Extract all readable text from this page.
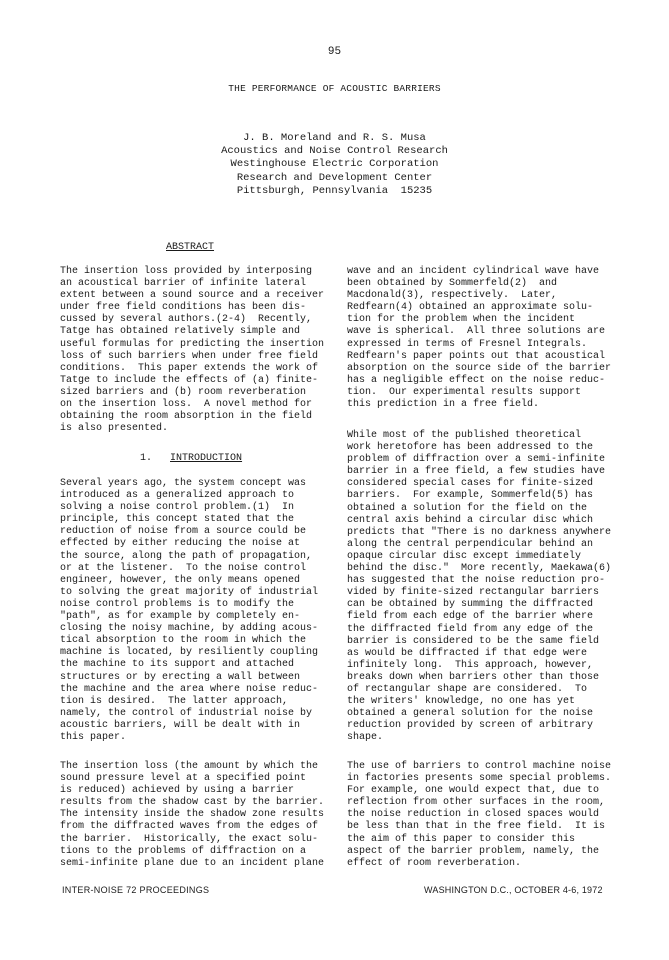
95
THE PERFORMANCE OF ACOUSTIC BARRIERS
J. B. Moreland and R. S. Musa
Acoustics and Noise Control Research
Westinghouse Electric Corporation
Research and Development Center
Pittsburgh, Pennsylvania  15235
ABSTRACT
The insertion loss provided by interposing
an acoustical barrier of infinite lateral
extent between a sound source and a receiver
under free field conditions has been dis-
cussed by several authors.(2-4)  Recently,
Tatge has obtained relatively simple and
useful formulas for predicting the insertion
loss of such barriers when under free field
conditions.  This paper extends the work of
Tatge to include the effects of (a) finite-
sized barriers and (b) room reverberation
on the insertion loss.  A novel method for
obtaining the room absorption in the field
is also presented.
1. INTRODUCTION
Several years ago, the system concept was
introduced as a generalized approach to
solving a noise control problem.(1)  In
principle, this concept stated that the
reduction of noise from a source could be
effected by either reducing the noise at
the source, along the path of propagation,
or at the listener.  To the noise control
engineer, however, the only means opened
to solving the great majority of industrial
noise control problems is to modify the
"path", as for example by completely en-
closing the noisy machine, by adding acous-
tical absorption to the room in which the
machine is located, by resiliently coupling
the machine to its support and attached
structures or by erecting a wall between
the machine and the area where noise reduc-
tion is desired.  The latter approach,
namely, the control of industrial noise by
acoustic barriers, will be dealt with in
this paper.
The insertion loss (the amount by which the
sound pressure level at a specified point
is reduced) achieved by using a barrier
results from the shadow cast by the barrier.
The intensity inside the shadow zone results
from the diffracted waves from the edges of
the barrier.  Historically, the exact solu-
tions to the problems of diffraction on a
semi-infinite plane due to an incident plane
wave and an incident cylindrical wave have
been obtained by Sommerfeld(2)  and
Macdonald(3), respectively.  Later,
Redfearn(4) obtained an approximate solu-
tion for the problem when the incident
wave is spherical.  All three solutions are
expressed in terms of Fresnel Integrals.
Redfearn's paper points out that acoustical
absorption on the source side of the barrier
has a negligible effect on the noise reduc-
tion.  Our experimental results support
this prediction in a free field.
While most of the published theoretical
work heretofore has been addressed to the
problem of diffraction over a semi-infinite
barrier in a free field, a few studies have
considered special cases for finite-sized
barriers.  For example, Sommerfeld(5) has
obtained a solution for the field on the
central axis behind a circular disc which
predicts that "There is no darkness anywhere
along the central perpendicular behind an
opaque circular disc except immediately
behind the disc."  More recently, Maekawa(6)
has suggested that the noise reduction pro-
vided by finite-sized rectangular barriers
can be obtained by summing the diffracted
field from each edge of the barrier where
the diffracted field from any edge of the
barrier is considered to be the same field
as would be diffracted if that edge were
infinitely long.  This approach, however,
breaks down when barriers other than those
of rectangular shape are considered.  To
the writers' knowledge, no one has yet
obtained a general solution for the noise
reduction provided by screen of arbitrary
shape.
The use of barriers to control machine noise
in factories presents some special problems.
For example, one would expect that, due to
reflection from other surfaces in the room,
the noise reduction in closed spaces would
be less than that in the free field.  It is
the aim of this paper to consider this
aspect of the barrier problem, namely, the
effect of room reverberation.
INTER-NOISE 72 PROCEEDINGS	WASHINGTON D.C., OCTOBER 4-6, 1972
